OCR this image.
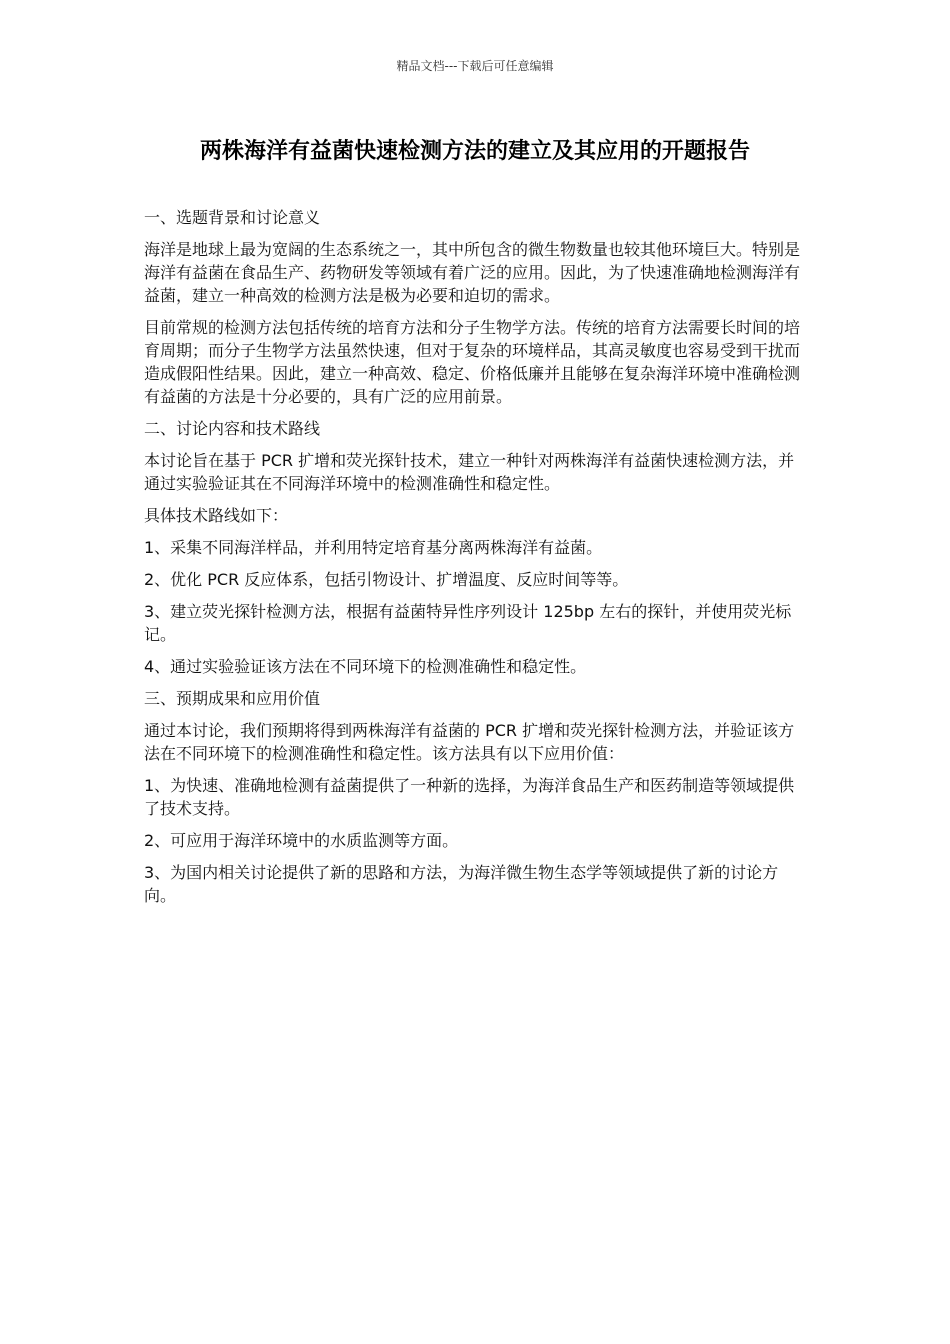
精品文档---下载后可任意编辑
两株海洋有益菌快速检测方法的建立及其应用的开题报告

一、选题背景和讨论意义

海洋是地球上最为宽阔的生态系统之一，其中所包含的微生物数量也较其他环境巨大。特别是海洋有益菌在食品生产、药物研发等领域有着广泛的应用。因此，为了快速准确地检测海洋有益菌，建立一种高效的检测方法是极为必要和迫切的需求。

目前常规的检测方法包括传统的培育方法和分子生物学方法。传统的培育方法需要长时间的培育周期；而分子生物学方法虽然快速，但对于复杂的环境样品，其高灵敏度也容易受到干扰而造成假阳性结果。因此，建立一种高效、稳定、价格低廉并且能够在复杂海洋环境中准确检测有益菌的方法是十分必要的，具有广泛的应用前景。

二、讨论内容和技术路线

本讨论旨在基于 PCR 扩增和荧光探针技术，建立一种针对两株海洋有益菌快速检测方法，并通过实验验证其在不同海洋环境中的检测准确性和稳定性。

具体技术路线如下：

1、采集不同海洋样品，并利用特定培育基分离两株海洋有益菌。

2、优化 PCR 反应体系，包括引物设计、扩增温度、反应时间等等。

3、建立荧光探针检测方法，根据有益菌特异性序列设计 125bp 左右的探针，并使用荧光标记。

4、通过实验验证该方法在不同环境下的检测准确性和稳定性。

三、预期成果和应用价值

通过本讨论，我们预期将得到两株海洋有益菌的 PCR 扩增和荧光探针检测方法，并验证该方法在不同环境下的检测准确性和稳定性。该方法具有以下应用价值：

1、为快速、准确地检测有益菌提供了一种新的选择，为海洋食品生产和医药制造等领域提供了技术支持。

2、可应用于海洋环境中的水质监测等方面。

3、为国内相关讨论提供了新的思路和方法，为海洋微生物生态学等领域提供了新的讨论方向。
